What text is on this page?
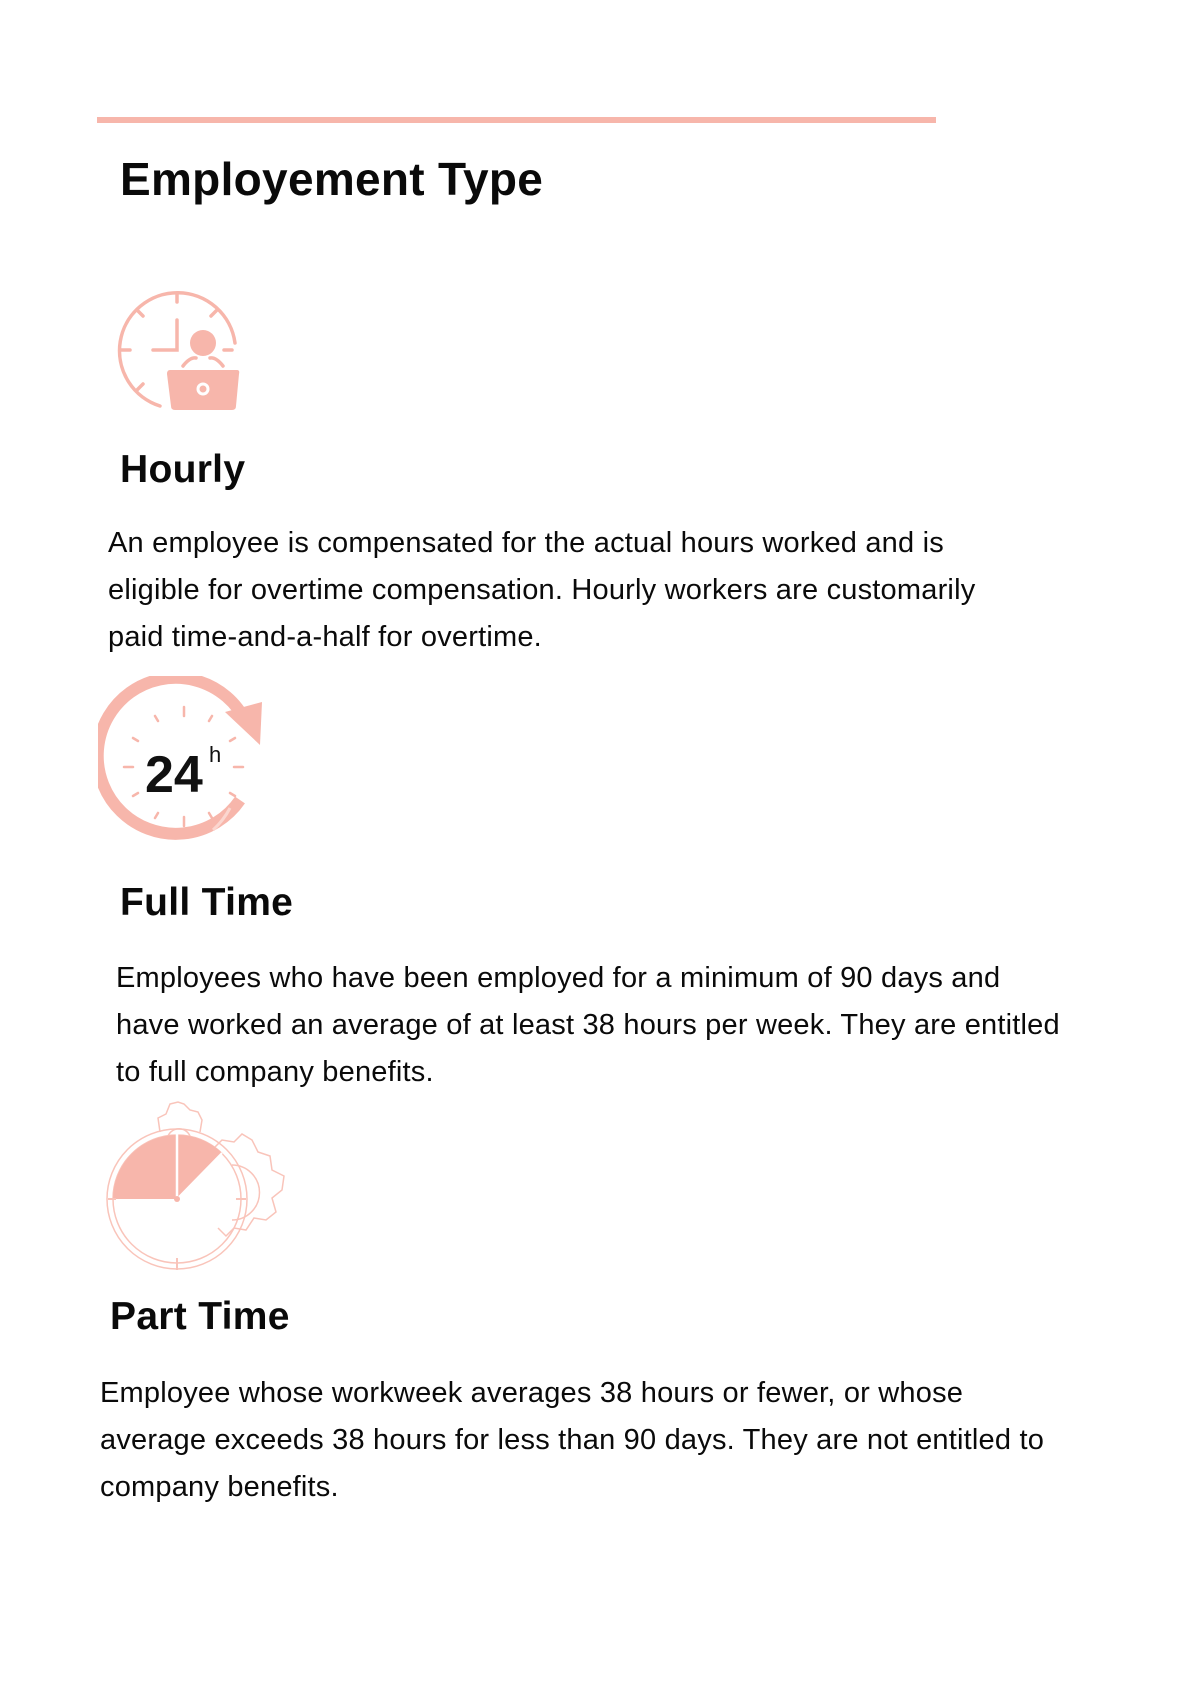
Employement Type
Hourly

An employee is compensated for the actual hours worked and is
eligible for overtime compensation. Hourly workers are customarily
paid time-and-a-half for overtime.

24 h
Full Time

Employees who have been employed for a minimum of 90 days and
have worked an average of at least 38 hours per week. They are entitled
to full company benefits.

Part Time

Employee whose workweek averages 38 hours or fewer, or whose
average exceeds 38 hours for less than 90 days. They are not entitled to
company benefits.
